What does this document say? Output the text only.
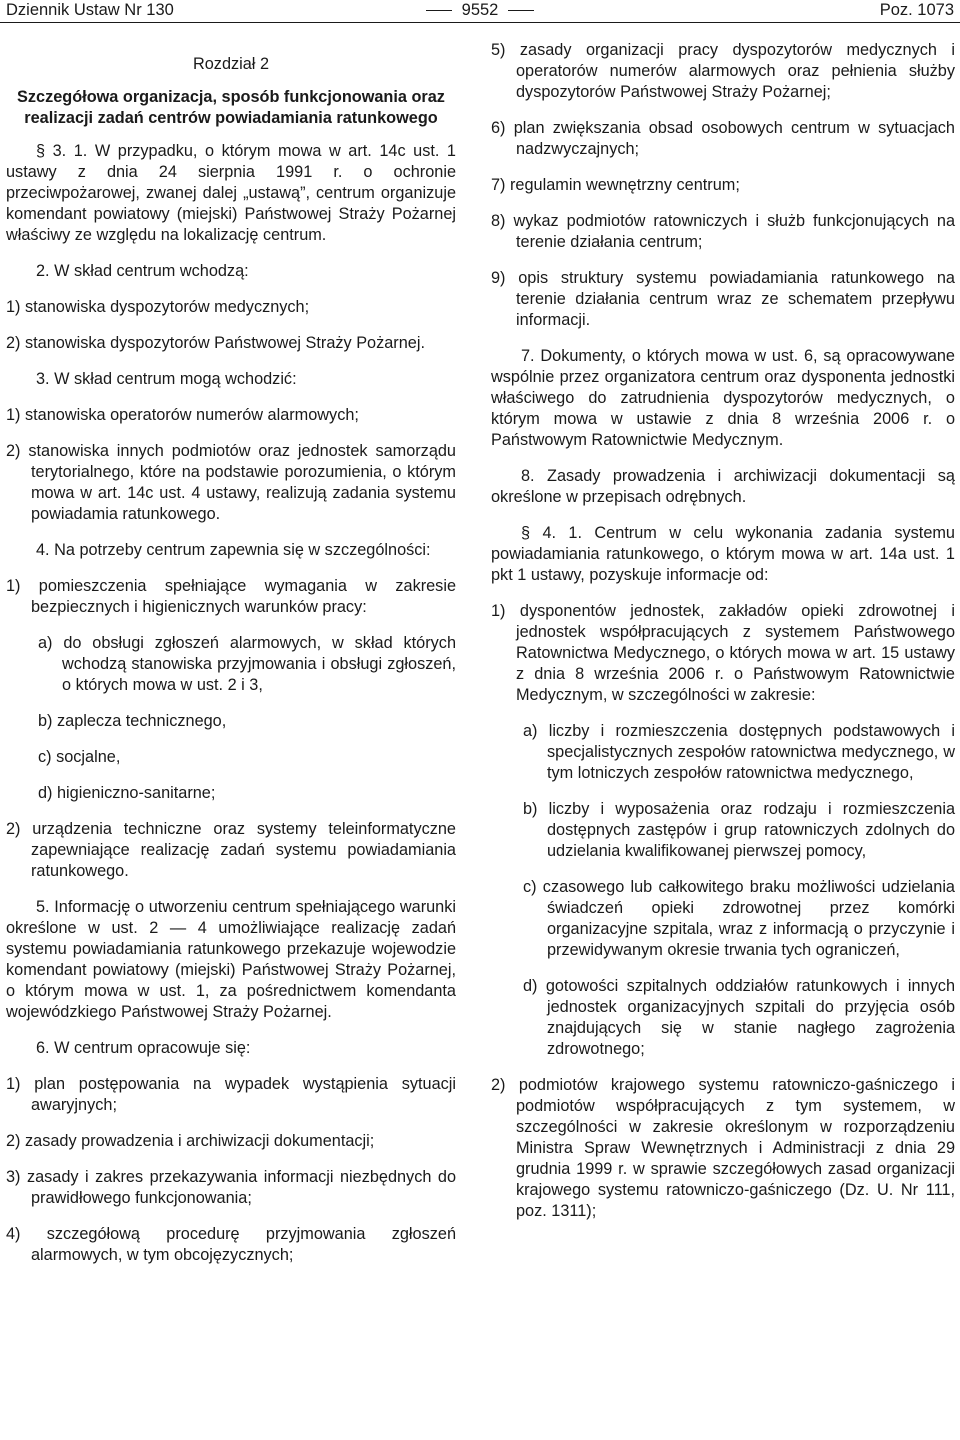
Dziennik Ustaw Nr 130	9552	Poz. 1073

Rozdział 2

Szczegółowa organizacja, sposób funkcjonowania oraz realizacji zadań centrów powiadamiania ratunkowego

§ 3. 1. W przypadku, o którym mowa w art. 14c ust. 1 ustawy z dnia 24 sierpnia 1991 r. o ochronie przeciwpożarowej, zwanej dalej „ustawą”, centrum organizuje komendant powiatowy (miejski) Państwowej Straży Pożarnej właściwy ze względu na lokalizację centrum.

2. W skład centrum wchodzą:

1) stanowiska dyspozytorów medycznych;

2) stanowiska dyspozytorów Państwowej Straży Pożarnej.

3. W skład centrum mogą wchodzić:

1) stanowiska operatorów numerów alarmowych;

2) stanowiska innych podmiotów oraz jednostek samorządu terytorialnego, które na podstawie porozumienia, o którym mowa w art. 14c ust. 4 ustawy, realizują zadania systemu powiadamia ratunkowego.

4. Na potrzeby centrum zapewnia się w szczególności:

1) pomieszczenia spełniające wymagania w zakresie bezpiecznych i higienicznych warunków pracy:

a) do obsługi zgłoszeń alarmowych, w skład których wchodzą stanowiska przyjmowania i obsługi zgłoszeń, o których mowa w ust. 2 i 3,

b) zaplecza technicznego,

c) socjalne,

d) higieniczno-sanitarne;

2) urządzenia techniczne oraz systemy teleinformatyczne zapewniające realizację zadań systemu powiadamiania ratunkowego.

5. Informację o utworzeniu centrum spełniającego warunki określone w ust. 2 — 4 umożliwiające realizację zadań systemu powiadamiania ratunkowego przekazuje wojewodzie komendant powiatowy (miejski) Państwowej Straży Pożarnej, o którym mowa w ust. 1, za pośrednictwem komendanta wojewódzkiego Państwowej Straży Pożarnej.

6. W centrum opracowuje się:

1) plan postępowania na wypadek wystąpienia sytuacji awaryjnych;

2) zasady prowadzenia i archiwizacji dokumentacji;

3) zasady i zakres przekazywania informacji niezbędnych do prawidłowego funkcjonowania;

4) szczegółową procedurę przyjmowania zgłoszeń alarmowych, w tym obcojęzycznych;

5) zasady organizacji pracy dyspozytorów medycznych i operatorów numerów alarmowych oraz pełnienia służby dyspozytorów Państwowej Straży Pożarnej;

6) plan zwiększania obsad osobowych centrum w sytuacjach nadzwyczajnych;

7) regulamin wewnętrzny centrum;

8) wykaz podmiotów ratowniczych i służb funkcjonujących na terenie działania centrum;

9) opis struktury systemu powiadamiania ratunkowego na terenie działania centrum wraz ze schematem przepływu informacji.

7. Dokumenty, o których mowa w ust. 6, są opracowywane wspólnie przez organizatora centrum oraz dysponenta jednostki właściwego do zatrudnienia dyspozytorów medycznych, o którym mowa w ustawie z dnia 8 września 2006 r. o Państwowym Ratownictwie Medycznym.

8. Zasady prowadzenia i archiwizacji dokumentacji są określone w przepisach odrębnych.

§ 4. 1. Centrum w celu wykonania zadania systemu powiadamiania ratunkowego, o którym mowa w art. 14a ust. 1 pkt 1 ustawy, pozyskuje informacje od:

1) dysponentów jednostek, zakładów opieki zdrowotnej i jednostek współpracujących z systemem Państwowego Ratownictwa Medycznego, o których mowa w art. 15 ustawy z dnia 8 września 2006 r. o Państwowym Ratownictwie Medycznym, w szczególności w zakresie:

a) liczby i rozmieszczenia dostępnych podstawowych i specjalistycznych zespołów ratownictwa medycznego, w tym lotniczych zespołów ratownictwa medycznego,

b) liczby i wyposażenia oraz rodzaju i rozmieszczenia dostępnych zastępów i grup ratowniczych zdolnych do udzielania kwalifikowanej pierwszej pomocy,

c) czasowego lub całkowitego braku możliwości udzielania świadczeń opieki zdrowotnej przez komórki organizacyjne szpitala, wraz z informacją o przyczynie i przewidywanym okresie trwania tych ograniczeń,

d) gotowości szpitalnych oddziałów ratunkowych i innych jednostek organizacyjnych szpitali do przyjęcia osób znajdujących się w stanie nagłego zagrożenia zdrowotnego;

2) podmiotów krajowego systemu ratowniczo-gaśniczego i podmiotów współpracujących z tym systemem, w szczególności w zakresie określonym w rozporządzeniu Ministra Spraw Wewnętrznych i Administracji z dnia 29 grudnia 1999 r. w sprawie szczegółowych zasad organizacji krajowego systemu ratowniczo-gaśniczego (Dz. U. Nr 111, poz. 1311);
